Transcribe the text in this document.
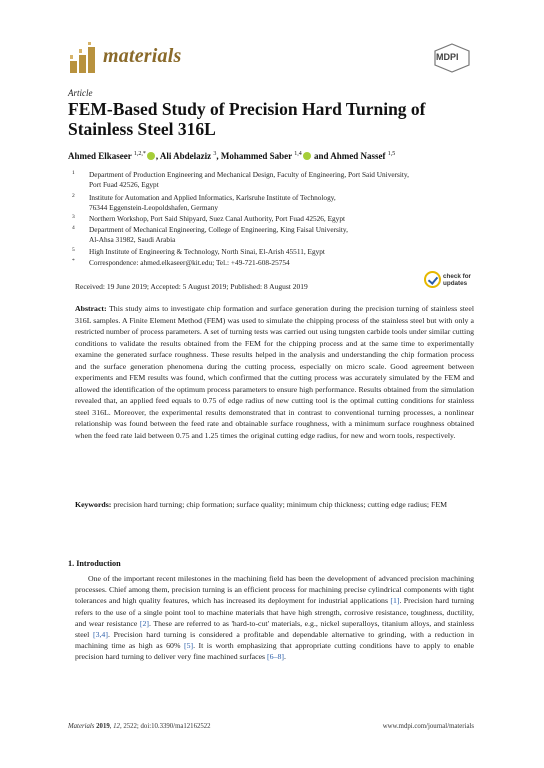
materials	MDPI
Article
FEM-Based Study of Precision Hard Turning of Stainless Steel 316L
Ahmed Elkaseer $^{1,2,*}$ , Ali Abdelaziz $^3$, Mohammed Saber $^{1,4}$ and Ahmed Nassef $^{1,5}$
1 Department of Production Engineering and Mechanical Design, Faculty of Engineering, Port Said University,
Port Fuad 42526, Egypt
2 Institute for Automation and Applied Informatics, Karlsruhe Institute of Technology,
76344 Eggenstein-Leopoldshafen, Germany
3 Northern Workshop, Port Said Shipyard, Suez Canal Authority, Port Fuad 42526, Egypt
4 Department of Mechanical Engineering, College of Engineering, King Faisal University,
Al-Ahsa 31982, Saudi Arabia
5 High Institute of Engineering & Technology, North Sinai, El-Arish 45511, Egypt
* Correspondence: ahmed.elkaseer@kit.edu; Tel.: +49-721-608-25754
Received: 19 June 2019; Accepted: 5 August 2019; Published: 8 August 2019
check for
updates
Abstract: This study aims to investigate chip formation and surface generation during the precision turning of stainless steel 316L samples. A Finite Element Method (FEM) was used to simulate the chipping process of the stainless steel but with only a restricted number of process parameters. A set of turning tests was carried out using tungsten carbide tools under similar cutting conditions to validate the results obtained from the FEM for the chipping process and at the same time to experimentally examine the generated surface roughness. These results helped in the analysis and understanding the chip formation process and the surface generation phenomena during the cutting process, especially on micro scale. Good agreement between experiments and FEM results was found, which confirmed that the cutting process was accurately simulated by the FEM and allowed the identification of the optimum process parameters to ensure high performance. Results obtained from the simulation revealed that, an applied feed equals to 0.75 of edge radius of new cutting tool is the optimal cutting conditions for stainless steel 316L. Moreover, the experimental results demonstrated that in contrast to conventional turning processes, a nonlinear relationship was found between the feed rate and obtainable surface roughness, with a minimum surface roughness obtained when the feed rate laid between 0.75 and 1.25 times the original cutting edge radius, for new and worn tools, respectively.
Keywords: precision hard turning; chip formation; surface quality; minimum chip thickness; cutting edge radius; FEM
1. Introduction
One of the important recent milestones in the machining field has been the development of advanced precision machining processes. Chief among them, precision turning is an efficient process for machining precise cylindrical components with tight tolerances and high quality features, which has increased its deployment for industrial applications [1]. Precision hard turning refers to the use of a single point tool to machine materials that have high strength, corrosive resistance, toughness, ductility, and wear resistance [2]. These are referred to as 'hard-to-cut' materials, e.g., nickel superalloys, titanium alloys, and stainless steel [3,4]. Precision hard turning is considered a profitable and dependable alternative to grinding, with a reduction in machining time as high as 60% [5]. It is worth emphasizing that appropriate cutting conditions have to apply to enable precision hard turning to deliver very fine machined surfaces [6–8].
Materials 2019, 12, 2522; doi:10.3390/ma12162522	www.mdpi.com/journal/materials
